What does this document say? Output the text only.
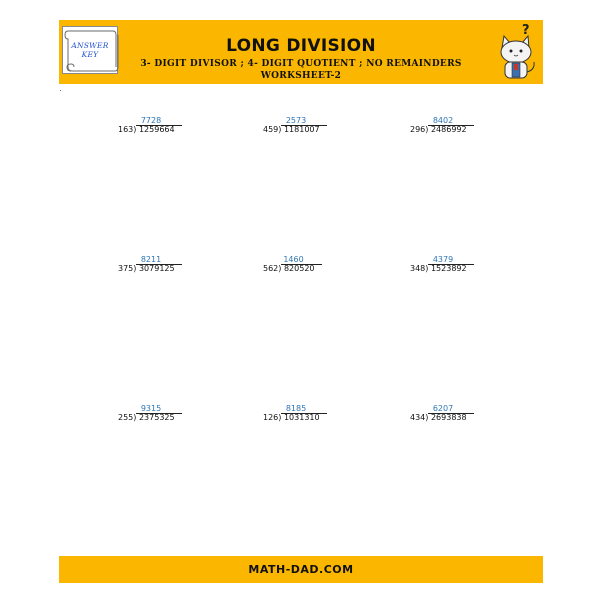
ANSWER KEY	LONG DIVISION
3- DIGIT DIVISOR ; 4- DIGIT QUOTIENT ; NO REMAINDERS
WORKSHEET-2
?
163) 1259664
7728
459) 1181007
2573
296) 2486992
8402
375) 3079125
8211
562) 820520
1460
348) 1523892
4379
255) 2375325
9315
126) 1031310
8185
434) 2693838
6207
MATH-DAD.COM
